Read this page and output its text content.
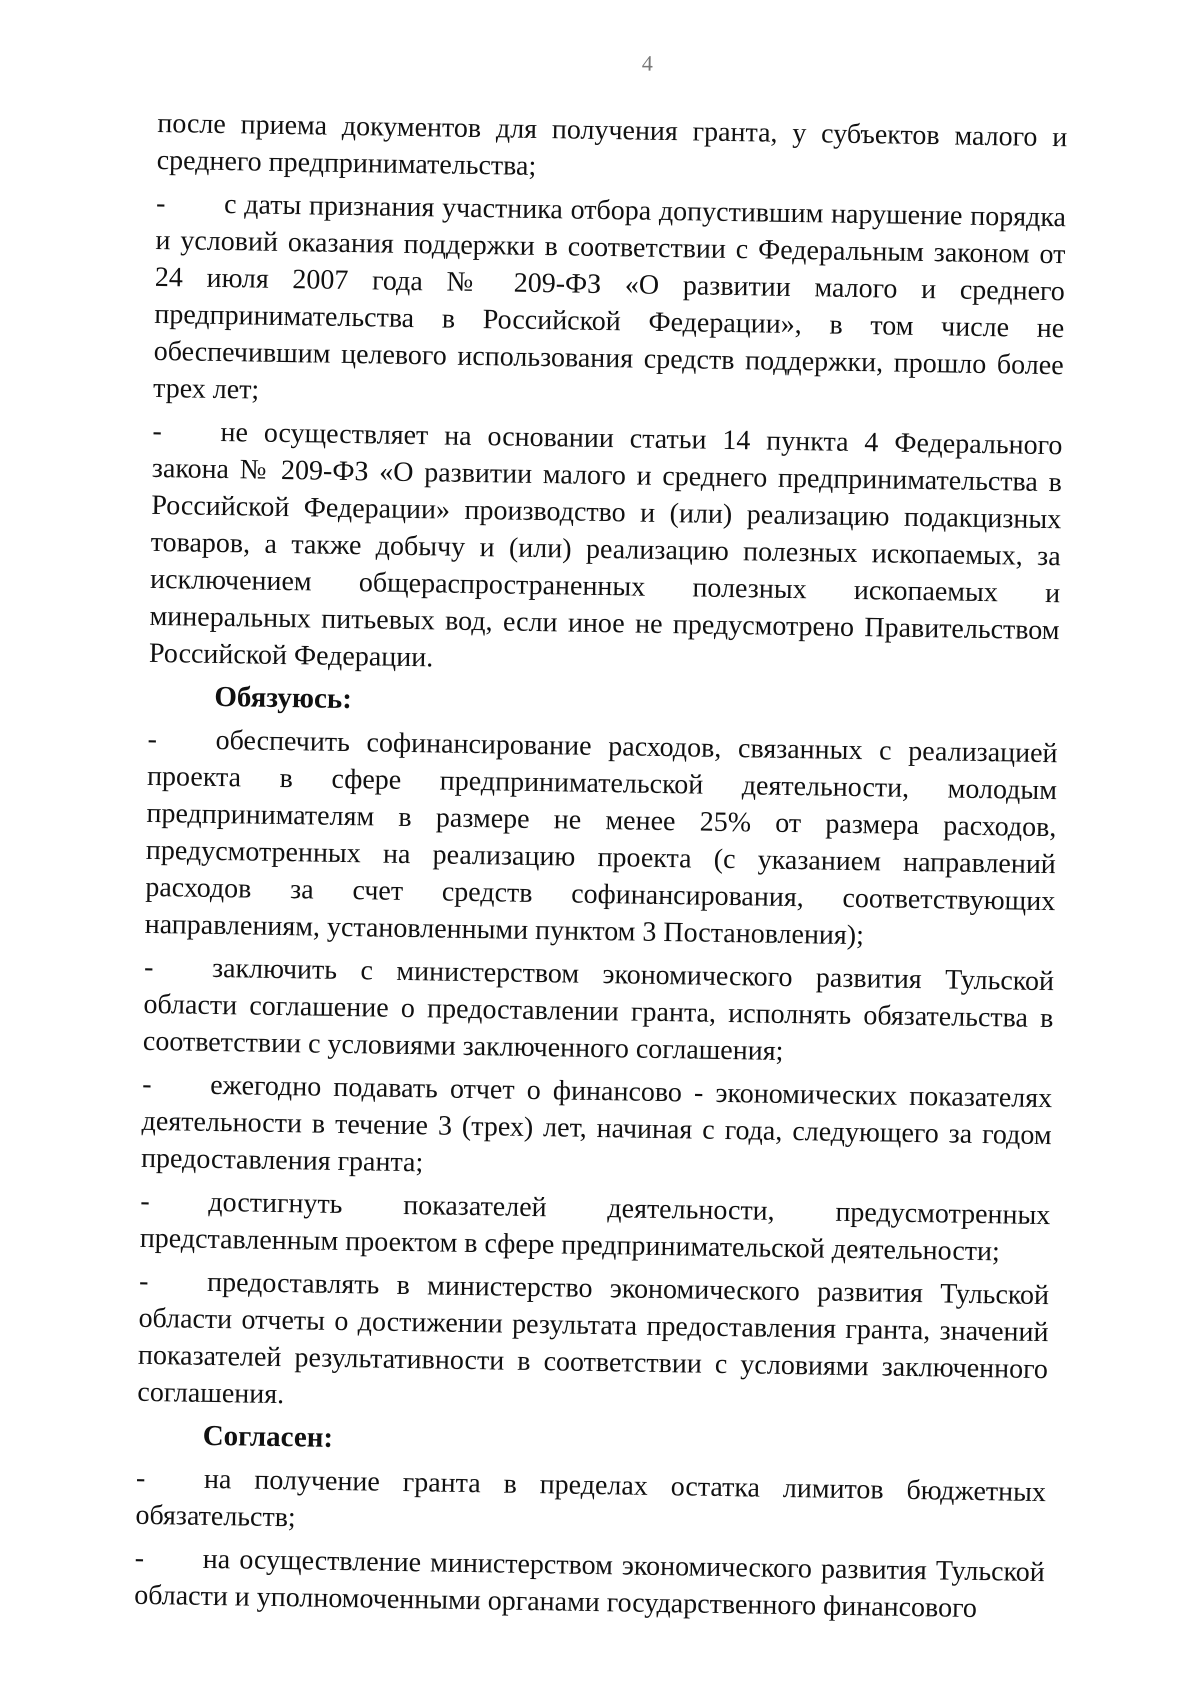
4
после приема документов для получения гранта, у субъектов малого и среднего предпринимательства;
-	с даты признания участника отбора допустившим нарушение порядка и условий оказания поддержки в соответствии с Федеральным законом от 24 июля 2007 года № 209-ФЗ «О развитии малого и среднего предпринимательства в Российской Федерации», в том числе не обеспечившим целевого использования средств поддержки, прошло более трех лет;
-	не осуществляет на основании статьи 14 пункта 4 Федерального закона № 209-ФЗ «О развитии малого и среднего предпринимательства в Российской Федерации» производство и (или) реализацию подакцизных товаров, а также добычу и (или) реализацию полезных ископаемых, за исключением общераспространенных полезных ископаемых и минеральных питьевых вод, если иное не предусмотрено Правительством Российской Федерации.
Обязуюсь:
-	обеспечить софинансирование расходов, связанных с реализацией проекта в сфере предпринимательской деятельности, молодым предпринимателям в размере не менее 25% от размера расходов, предусмотренных на реализацию проекта (с указанием направлений расходов за счет средств софинансирования, соответствующих направлениям, установленными пунктом 3 Постановления);
-	заключить с министерством экономического развития Тульской области соглашение о предоставлении гранта, исполнять обязательства в соответствии с условиями заключенного соглашения;
-	ежегодно подавать отчет о финансово - экономических показателях деятельности в течение 3 (трех) лет, начиная с года, следующего за годом предоставления гранта;
-	достигнуть показателей деятельности, предусмотренных представленным проектом в сфере предпринимательской деятельности;
-	предоставлять в министерство экономического развития Тульской области отчеты о достижении результата предоставления гранта, значений показателей результативности в соответствии с условиями заключенного соглашения.
Согласен:
-	на получение гранта в пределах остатка лимитов бюджетных обязательств;
-	на осуществление министерством экономического развития Тульской области и уполномоченными органами государственного финансового
